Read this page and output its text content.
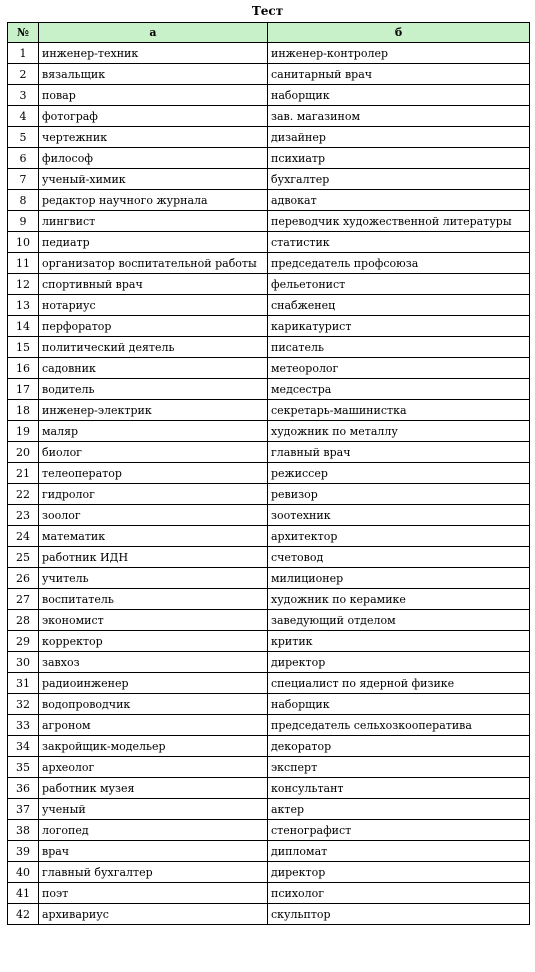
Тест
№	а	б
1	инженер-техник	инженер-контролер
2	вязальщик	санитарный врач
3	повар	наборщик
4	фотограф	зав. магазином
5	чертежник	дизайнер
6	философ	психиатр
7	ученый-химик	бухгалтер
8	редактор научного журнала	адвокат
9	лингвист	переводчик художественной литературы
10	педиатр	статистик
11	организатор воспитательной работы	председатель профсоюза
12	спортивный врач	фельетонист
13	нотариус	снабженец
14	перфоратор	карикатурист
15	политический деятель	писатель
16	садовник	метеоролог
17	водитель	медсестра
18	инженер-электрик	секретарь-машинистка
19	маляр	художник по металлу
20	биолог	главный врач
21	телеоператор	режиссер
22	гидролог	ревизор
23	зоолог	зоотехник
24	математик	архитектор
25	работник ИДН	счетовод
26	учитель	милиционер
27	воспитатель	художник по керамике
28	экономист	заведующий отделом
29	корректор	критик
30	завхоз	директор
31	радиоинженер	специалист по ядерной физике
32	водопроводчик	наборщик
33	агроном	председатель сельхозкооператива
34	закройщик-модельер	декоратор
35	археолог	эксперт
36	работник музея	консультант
37	ученый	актер
38	логопед	стенографист
39	врач	дипломат
40	главный бухгалтер	директор
41	поэт	психолог
42	архивариус	скульптор
